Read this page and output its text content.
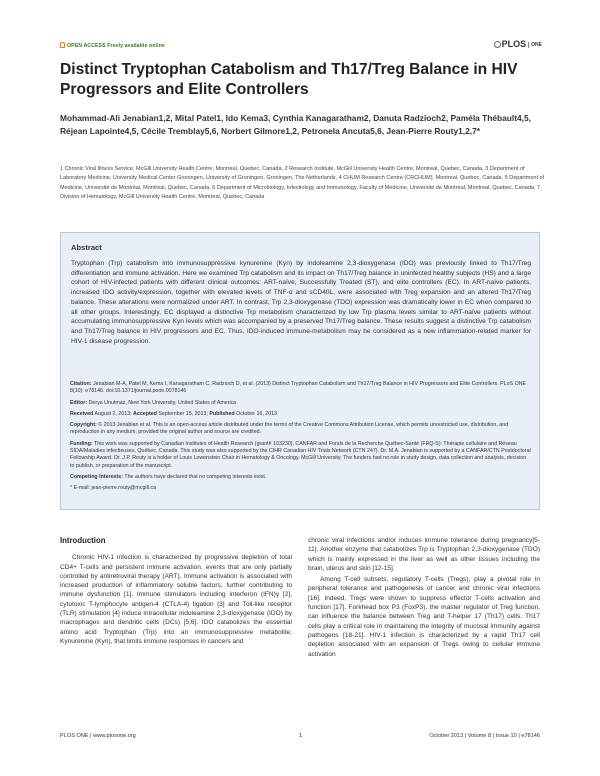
OPEN ACCESS Freely available online	PLOS ONE
Distinct Tryptophan Catabolism and Th17/Treg Balance in HIV Progressors and Elite Controllers
Mohammad-Ali Jenabian1,2, Mital Patel1, Ido Kema3, Cynthia Kanagaratham2, Danuta Radzioch2, Paméla Thébault4,5, Réjean Lapointe4,5, Cécile Tremblay5,6, Norbert Gilmore1,2, Petronela Ancuta5,6, Jean-Pierre Routy1,2,7*
1 Chronic Viral Illness Service, McGill University Health Centre, Montreal, Quebec, Canada, 2 Research Institute, McGill University Health Centre, Montreal, Quebec, Canada, 3 Department of Laboratory Medicine, University Medical Center Groningen, University of Groningen, Groningen, The Netherlands, 4 CHUM Research Centre (CRCHUM), Montreal, Quebec, Canada, 5 Department of Medicine, Université de Montréal, Montreal, Quebec, Canada, 6 Department of Microbiology, Infectiology and Immunology, Faculty of Medicine, Université de Montréal, Montreal, Quebec, Canada, 7 Division of Hematology, McGill University Health Centre, Montreal, Quebec, Canada
Abstract
Tryptophan (Trp) catabolism into immunosuppressive kynurenine (Kyn) by indoleamine 2,3-dioxygenase (IDO) was previously linked to Th17/Treg differentiation and immune activation. Here we examined Trp catabolism and its impact on Th17/Treg balance in uninfected healthy subjects (HS) and a large cohort of HIV-infected patients with different clinical outcomes: ART-naïve, Successfully Treated (ST), and elite controllers (EC). In ART-naïve patients, increased IDO activity/expression, together with elevated levels of TNF-α and sCD40L, were associated with Treg expansion and an altered Th17/Treg balance. These alterations were normalized under ART. In contrast, Trp 2,3-dioxygenase (TDO) expression was dramatically lower in EC when compared to all other groups. Interestingly, EC displayed a distinctive Trp metabolism characterized by low Trp plasma levels similar to ART-naïve patients without accumulating immunosuppressive Kyn levels which was accompanied by a preserved Th17/Treg balance. These results suggest a distinctive Trp catabolism and Th17/Treg balance in HIV progressors and EC. Thus, IDO-induced immune-metabolism may be considered as a new inflammation-related marker for HIV-1 disease progression.

Citation: Jenabian M-A, Patel M, Kema I, Kanagaratham C, Radzioch D, et al. (2013) Distinct Tryptophan Catabolism and Th17/Treg Balance in HIV Progressors and Elite Controllers. PLoS ONE 8(10): e78146. doi:10.1371/journal.pone.0078146

Editor: Derya Unutmaz, New York University, United States of America

Received August 2, 2013; Accepted September 15, 2013; Published October 16, 2013

Copyright: © 2013 Jenabian et al. This is an open-access article distributed under the terms of the Creative Commons Attribution License, which permits unrestricted use, distribution, and reproduction in any medium, provided the original author and source are credited.

Funding: This work was supported by Canadian Institutes of Health Research (grant# 103230), CANFAR and Fonds de la Recherche Québec-Santé (FRQ-S): Thérapie cellulaire and Réseau SIDA/Maladies infectieuses, Québec, Canada. This study was also supported by the CIHR Canadian HIV Trials Network (CTN 247). Dr. M.A. Jenabian is supported by a CANFAR/CTN Postdoctoral Fellowship Award. Dr. J.P. Routy is a holder of Louis Lowenstein Chair in Hematology & Oncology, McGill University. The funders had no role in study design, data collection and analysis, decision to publish, or preparation of the manuscript.

Competing Interests: The authors have declared that no competing interests exist.

* E-mail: jean-pierre.routy@mcgill.ca

Introduction

Chronic HIV-1 infection is characterized by progressive depletion of total CD4+ T-cells and persistent immune activation, events that are only partially controlled by antiretroviral therapy (ART). Immune activation is associated with increased production of inflammatory soluble factors, further contributing to immune dysfunction [1]. Immune stimulators including interferon (IFN)γ [2], cytotoxic T-lymphocyte antigen-4 (CTLA-4) ligation [3] and Toll-like receptor (TLR) stimulation [4] induce intracellular indoleamine 2,3-dioxygenase (IDO) by macrophages and dendritic cells (DCs) [5,6]. IDO catabolizes the essential amino acid Tryptophan (Trp) into an immunosuppressive metabolite, Kynurenine (Kyn), that limits immune responses in cancers and

chronic viral infections and/or induces immune tolerance during pregnancy[5-11]. Another enzyme that catabolizes Trp is Tryptophan 2,3-dioxygenase (TDO) which is mainly expressed in the liver as well as other tissues including the brain, uterus and skin [12-15].

Among T-cell subsets, regulatory T-cells (Tregs), play a pivotal role in peripheral tolerance and pathogenesis of cancer and chronic viral infections [16]. Indeed, Tregs were shown to suppress effector T-cells activation and function [17]. Forkhead box P3 (FoxP3), the master regulator of Treg function, can influence the balance between Treg and T-helper 17 (Th17) cells. Th17 cells play a critical role in maintaining the integrity of mucosal immunity against pathogens [18-21]. HIV-1 infection is characterized by a rapid Th17 cell depletion associated with an expansion of Tregs owing to cellular immune activation

PLOS ONE | www.plosone.org	1	October 2013 | Volume 8 | Issue 10 | e78146
